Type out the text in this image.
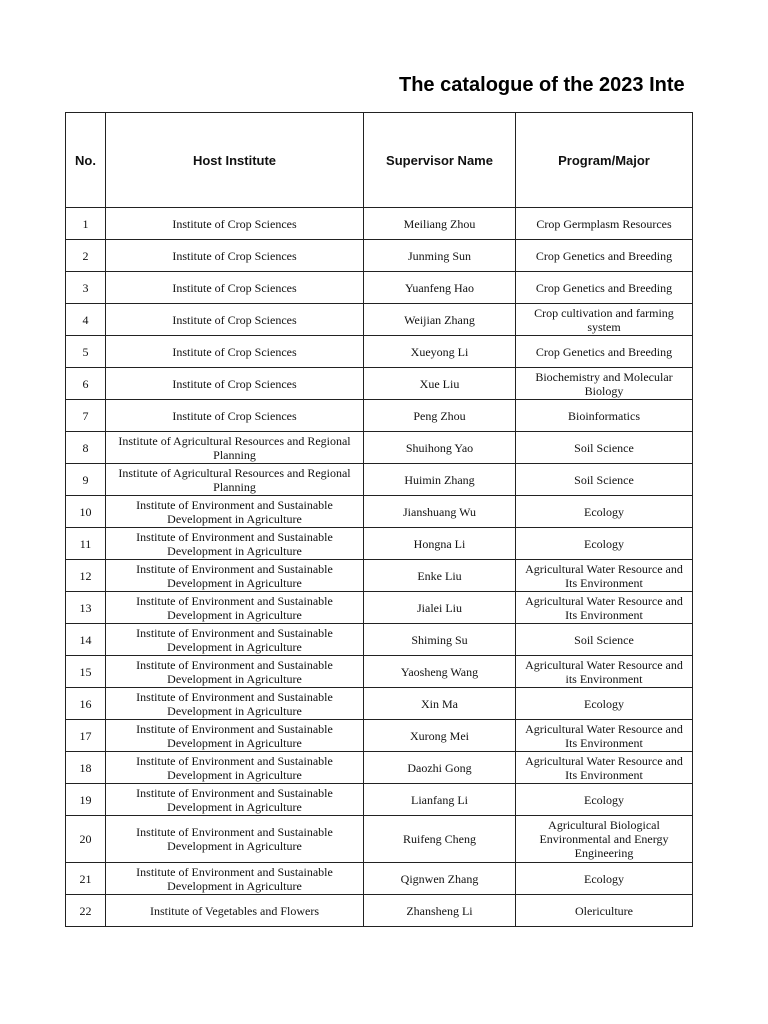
The catalogue of the 2023 Inte
No.	Host Institute	Supervisor Name	Program/Major
1	Institute of Crop Sciences	Meiliang Zhou	Crop Germplasm Resources
2	Institute of Crop Sciences	Junming Sun	Crop Genetics and Breeding
3	Institute of Crop Sciences	Yuanfeng Hao	Crop Genetics and Breeding
4	Institute of Crop Sciences	Weijian Zhang	Crop cultivation and farming system
5	Institute of Crop Sciences	Xueyong Li	Crop Genetics and Breeding
6	Institute of Crop Sciences	Xue Liu	Biochemistry and Molecular Biology
7	Institute of Crop Sciences	Peng Zhou	Bioinformatics
8	Institute of Agricultural Resources and Regional Planning	Shuihong Yao	Soil Science
9	Institute of Agricultural Resources and Regional Planning	Huimin Zhang	Soil Science
10	Institute of Environment and Sustainable Development in Agriculture	Jianshuang Wu	Ecology
11	Institute of Environment and Sustainable Development in Agriculture	Hongna Li	Ecology
12	Institute of Environment and Sustainable Development in Agriculture	Enke Liu	Agricultural Water Resource and Its Environment
13	Institute of Environment and Sustainable Development in Agriculture	Jialei Liu	Agricultural Water Resource and Its Environment
14	Institute of Environment and Sustainable Development in Agriculture	Shiming Su	Soil Science
15	Institute of Environment and Sustainable Development in Agriculture	Yaosheng Wang	Agricultural Water Resource and its Environment
16	Institute of Environment and Sustainable Development in Agriculture	Xin Ma	Ecology
17	Institute of Environment and Sustainable Development in Agriculture	Xurong Mei	Agricultural Water Resource and Its Environment
18	Institute of Environment and Sustainable Development in Agriculture	Daozhi Gong	Agricultural Water Resource and Its Environment
19	Institute of Environment and Sustainable Development in Agriculture	Lianfang Li	Ecology
20	Institute of Environment and Sustainable Development in Agriculture	Ruifeng Cheng	Agricultural Biological Environmental and Energy Engineering
21	Institute of Environment and Sustainable Development in Agriculture	Qignwen Zhang	Ecology
22	Institute of Vegetables and Flowers	Zhansheng Li	Olericulture
